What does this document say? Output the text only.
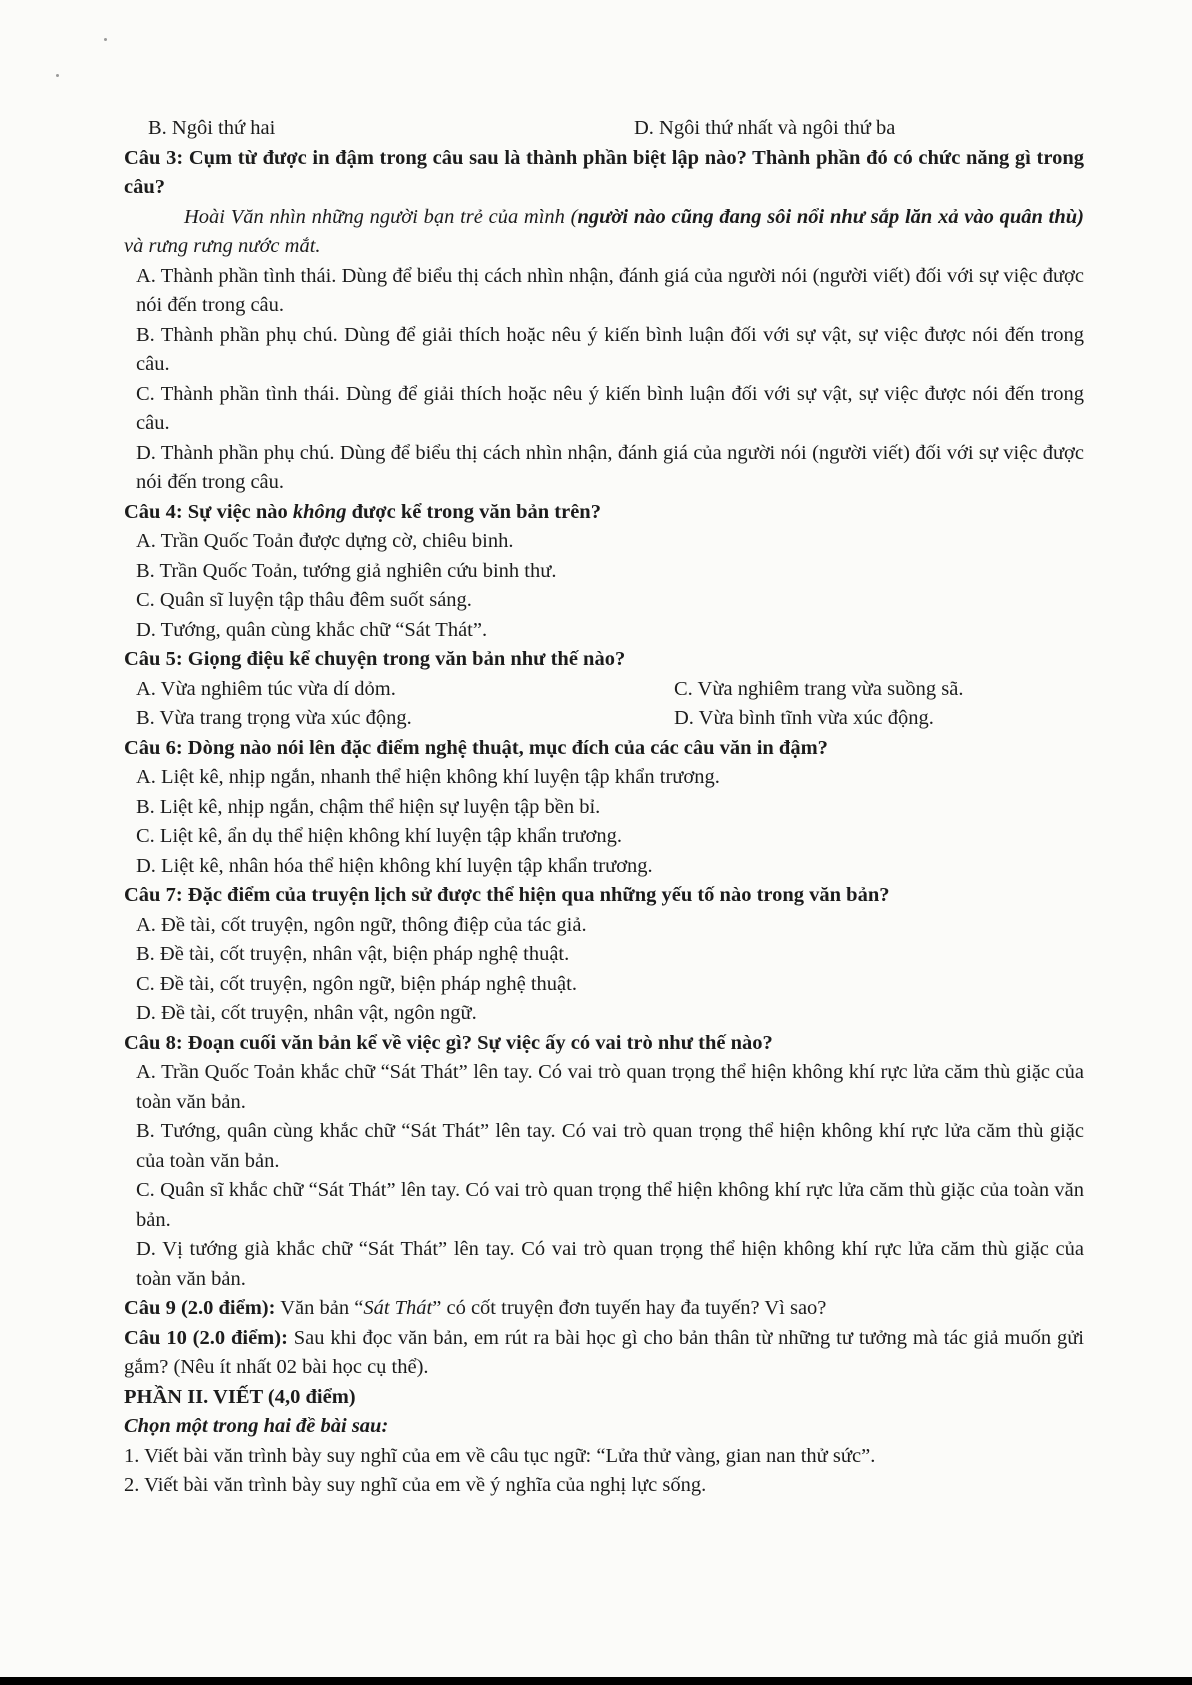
B. Ngôi thứ hai	D. Ngôi thứ nhất và ngôi thứ ba
Câu 3: Cụm từ được in đậm trong câu sau là thành phần biệt lập nào? Thành phần đó có chức năng gì trong câu?
Hoài Văn nhìn những người bạn trẻ của mình (người nào cũng đang sôi nổi như sắp lăn xả vào quân thù) và rưng rưng nước mắt.
A. Thành phần tình thái. Dùng để biểu thị cách nhìn nhận, đánh giá của người nói (người viết) đối với sự việc được nói đến trong câu.
B. Thành phần phụ chú. Dùng để giải thích hoặc nêu ý kiến bình luận đối với sự vật, sự việc được nói đến trong câu.
C. Thành phần tình thái. Dùng để giải thích hoặc nêu ý kiến bình luận đối với sự vật, sự việc được nói đến trong câu.
D. Thành phần phụ chú. Dùng để biểu thị cách nhìn nhận, đánh giá của người nói (người viết) đối với sự việc được nói đến trong câu.
Câu 4: Sự việc nào không được kể trong văn bản trên?
A. Trần Quốc Toản được dựng cờ, chiêu binh.
B. Trần Quốc Toản, tướng giả nghiên cứu binh thư.
C. Quân sĩ luyện tập thâu đêm suốt sáng.
D. Tướng, quân cùng khắc chữ “Sát Thát”.
Câu 5: Giọng điệu kể chuyện trong văn bản như thế nào?
A. Vừa nghiêm túc vừa dí dỏm.	C. Vừa nghiêm trang vừa suồng sã.
B. Vừa trang trọng vừa xúc động.	D. Vừa bình tĩnh vừa xúc động.
Câu 6: Dòng nào nói lên đặc điểm nghệ thuật, mục đích của các câu văn in đậm?
A. Liệt kê, nhịp ngắn, nhanh thể hiện không khí luyện tập khẩn trương.
B. Liệt kê, nhịp ngắn, chậm thể hiện sự luyện tập bền bỉ.
C. Liệt kê, ẩn dụ thể hiện không khí luyện tập khẩn trương.
D. Liệt kê, nhân hóa thể hiện không khí luyện tập khẩn trương.
Câu 7: Đặc điểm của truyện lịch sử được thể hiện qua những yếu tố nào trong văn bản?
A. Đề tài, cốt truyện, ngôn ngữ, thông điệp của tác giả.
B. Đề tài, cốt truyện, nhân vật, biện pháp nghệ thuật.
C. Đề tài, cốt truyện, ngôn ngữ, biện pháp nghệ thuật.
D. Đề tài, cốt truyện, nhân vật, ngôn ngữ.
Câu 8: Đoạn cuối văn bản kể về việc gì? Sự việc ấy có vai trò như thế nào?
A. Trần Quốc Toản khắc chữ “Sát Thát” lên tay. Có vai trò quan trọng thể hiện không khí rực lửa căm thù giặc của toàn văn bản.
B. Tướng, quân cùng khắc chữ “Sát Thát” lên tay. Có vai trò quan trọng thể hiện không khí rực lửa căm thù giặc của toàn văn bản.
C. Quân sĩ khắc chữ “Sát Thát” lên tay. Có vai trò quan trọng thể hiện không khí rực lửa căm thù giặc của toàn văn bản.
D. Vị tướng già khắc chữ “Sát Thát” lên tay. Có vai trò quan trọng thể hiện không khí rực lửa căm thù giặc của toàn văn bản.
Câu 9 (2.0 điểm): Văn bản “Sát Thát” có cốt truyện đơn tuyến hay đa tuyến? Vì sao?
Câu 10 (2.0 điểm): Sau khi đọc văn bản, em rút ra bài học gì cho bản thân từ những tư tưởng mà tác giả muốn gửi gắm? (Nêu ít nhất 02 bài học cụ thể).
PHẦN II. VIẾT (4,0 điểm)
Chọn một trong hai đề bài sau:
1. Viết bài văn trình bày suy nghĩ của em về câu tục ngữ: “Lửa thử vàng, gian nan thử sức”.
2. Viết bài văn trình bày suy nghĩ của em về ý nghĩa của nghị lực sống.
